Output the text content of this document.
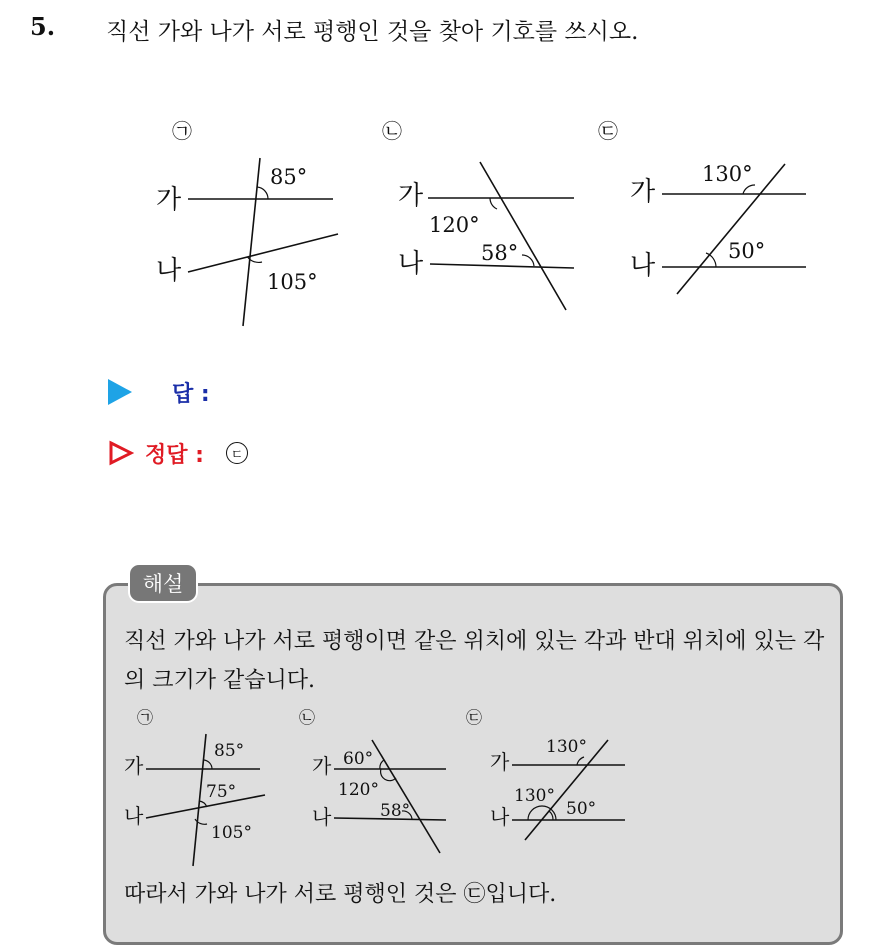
5. 직선 가와 나가 서로 평행인 것을 찾아 기호를 쓰시오.
㉠
가
나
85°
105°
㉡
가
나
120°
58°
㉢
가
나
130°
50°
답 :
정답 :	ㄷ
해설
직선 가와 나가 서로 평행이면 같은 위치에 있는 각과 반대 위치에 있는 각의 크기가 같습니다.
㉠
가
나
85°
75°
105°
㉡
가
나
60°
120°
58°
㉢
가
나
130°
130°
50°
따라서 가와 나가 서로 평행인 것은 ㉢입니다.
